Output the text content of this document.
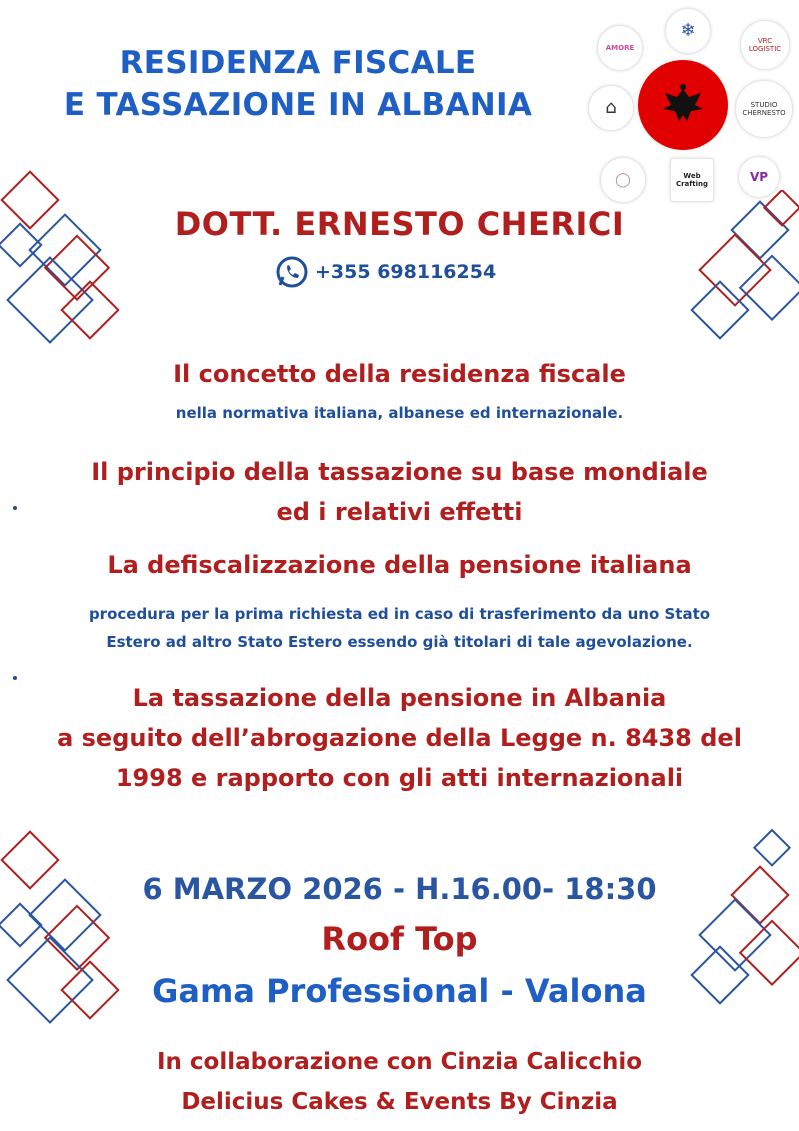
RESIDENZA FISCALE
E TASSAZIONE IN ALBANIA
AMORE
❄	VRC LOGISTIC
⌂	STUDIO CHERNESTO
◯	Web Crafting	VP
DOTT. ERNESTO CHERICI
+355 698116254
Il concetto della residenza fiscale
nella normativa italiana, albanese ed internazionale.
Il principio della tassazione su base mondiale
ed i relativi effetti
La defiscalizzazione della pensione italiana
procedura per la prima richiesta ed in caso di trasferimento da uno Stato
Estero ad altro Stato Estero essendo già titolari di tale agevolazione.
La tassazione della pensione in Albania
a seguito dell’abrogazione della Legge n. 8438 del
1998 e rapporto con gli atti internazionali
6 MARZO 2026 - H.16.00- 18:30
Roof Top
Gama Professional - Valona
In collaborazione con Cinzia Calicchio
Delicius Cakes & Events By Cinzia
